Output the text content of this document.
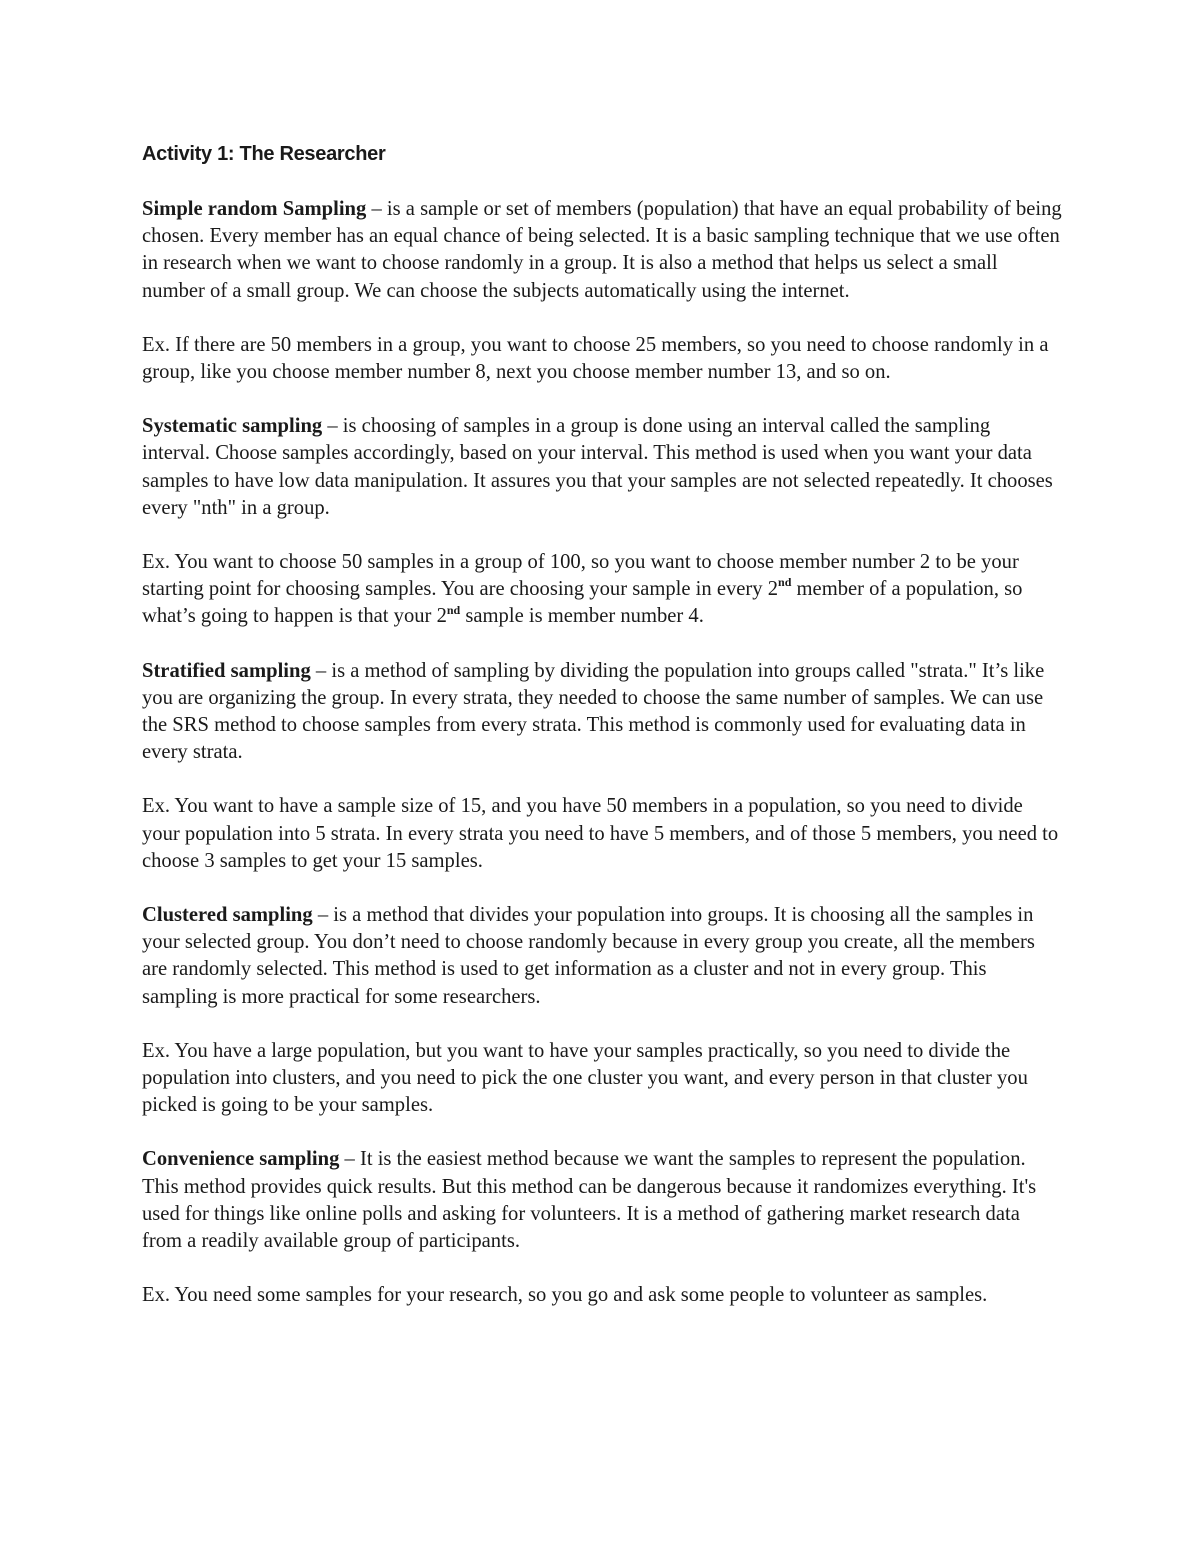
Activity 1: The Researcher

Simple random Sampling – is a sample or set of members (population) that have an equal probability of being chosen. Every member has an equal chance of being selected. It is a basic sampling technique that we use often in research when we want to choose randomly in a group. It is also a method that helps us select a small number of a small group. We can choose the subjects automatically using the internet.

Ex. If there are 50 members in a group, you want to choose 25 members, so you need to choose randomly in a group, like you choose member number 8, next you choose member number 13, and so on.

Systematic sampling – is choosing of samples in a group is done using an interval called the sampling interval. Choose samples accordingly, based on your interval. This method is used when you want your data samples to have low data manipulation. It assures you that your samples are not selected repeatedly. It chooses every "nth" in a group.

Ex. You want to choose 50 samples in a group of 100, so you want to choose member number 2 to be your starting point for choosing samples. You are choosing your sample in every 2nd member of a population, so what’s going to happen is that your 2nd sample is member number 4.

Stratified sampling – is a method of sampling by dividing the population into groups called "strata." It’s like you are organizing the group. In every strata, they needed to choose the same number of samples. We can use the SRS method to choose samples from every strata. This method is commonly used for evaluating data in every strata.

Ex. You want to have a sample size of 15, and you have 50 members in a population, so you need to divide your population into 5 strata. In every strata you need to have 5 members, and of those 5 members, you need to choose 3 samples to get your 15 samples.

Clustered sampling – is a method that divides your population into groups. It is choosing all the samples in your selected group. You don’t need to choose randomly because in every group you create, all the members are randomly selected. This method is used to get information as a cluster and not in every group. This sampling is more practical for some researchers.

Ex. You have a large population, but you want to have your samples practically, so you need to divide the population into clusters, and you need to pick the one cluster you want, and every person in that cluster you picked is going to be your samples.

Convenience sampling – It is the easiest method because we want the samples to represent the population. This method provides quick results. But this method can be dangerous because it randomizes everything. It's used for things like online polls and asking for volunteers. It is a method of gathering market research data from a readily available group of participants.

Ex. You need some samples for your research, so you go and ask some people to volunteer as samples.
